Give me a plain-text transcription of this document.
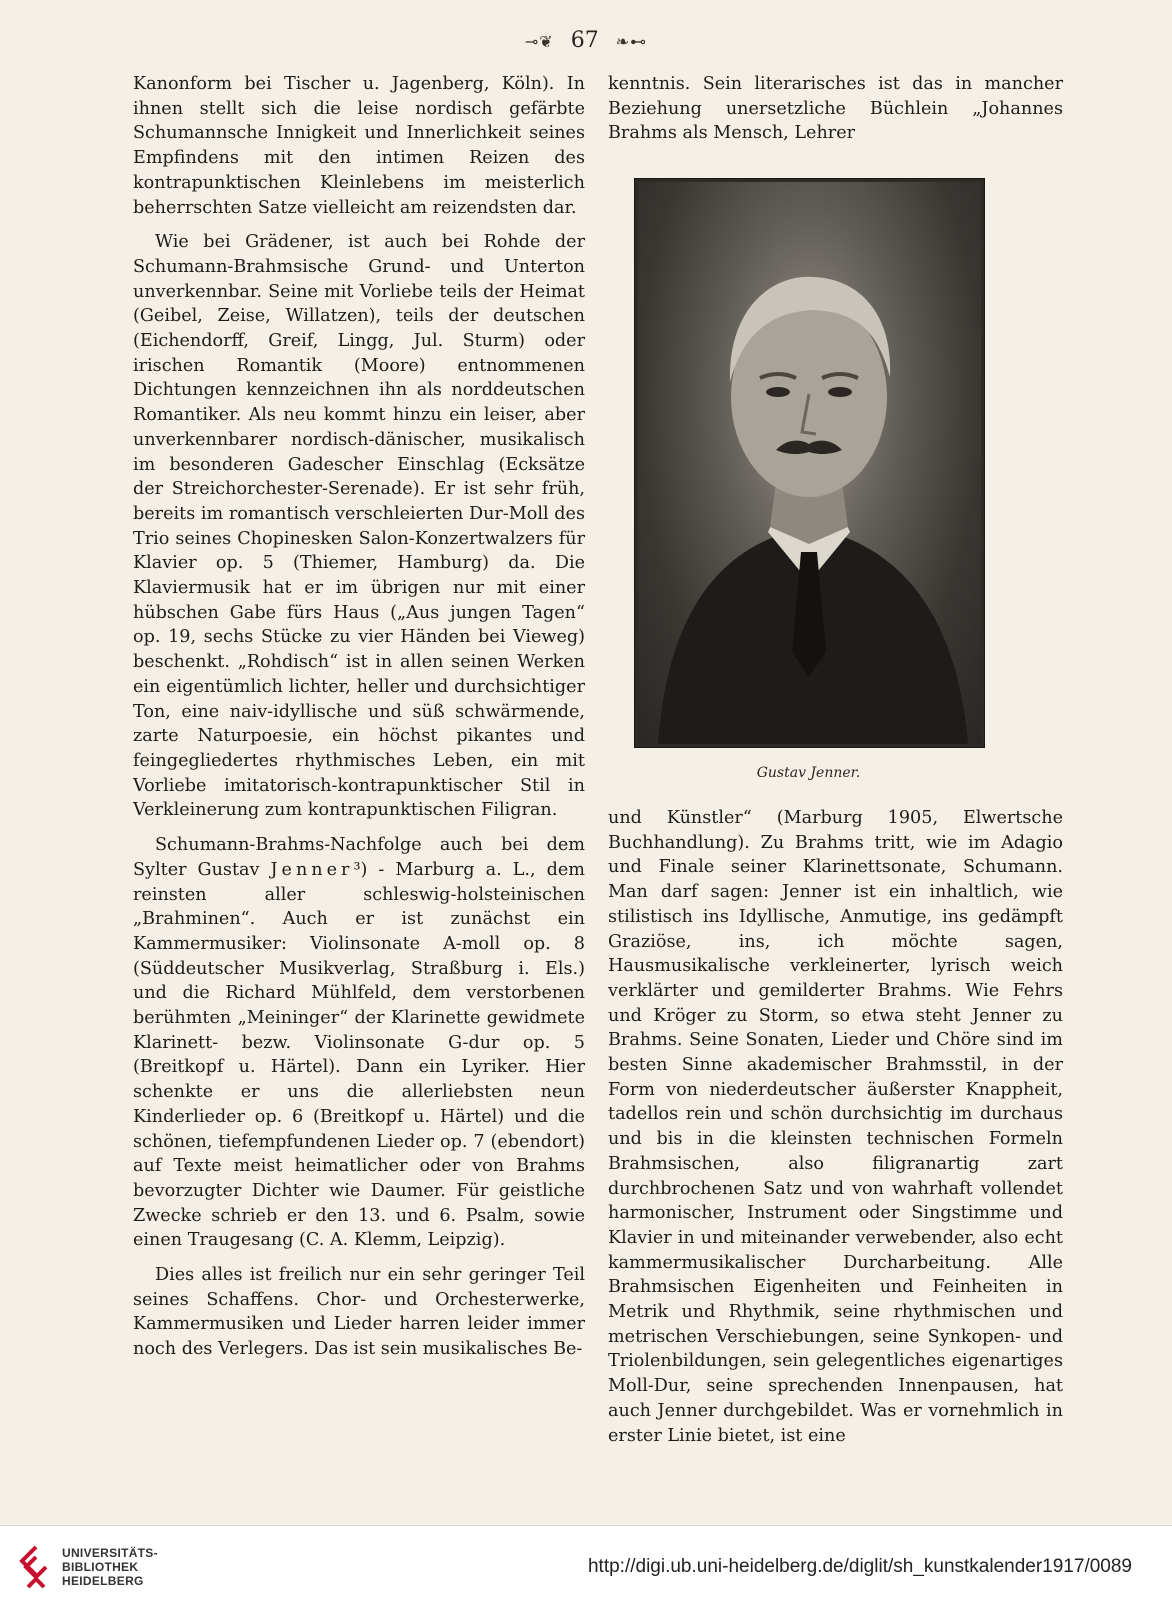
⊸❦ 67 ❧⊷

Kanonform bei Tischer u. Jagenberg, Köln). In ihnen stellt sich die leise nordisch gefärbte Schumannsche Innigkeit und Innerlichkeit seines Empfindens mit den intimen Reizen des kontrapunktischen Kleinlebens im meisterlich beherrschten Satze vielleicht am reizendsten dar.

Wie bei Grädener, ist auch bei Rohde der Schumann-Brahmsische Grund- und Unterton unverkennbar. Seine mit Vorliebe teils der Heimat (Geibel, Zeise, Willatzen), teils der deutschen (Eichendorff, Greif, Lingg, Jul. Sturm) oder irischen Romantik (Moore) entnommenen Dichtungen kennzeichnen ihn als norddeutschen Romantiker. Als neu kommt hinzu ein leiser, aber unverkennbarer nordisch-dänischer, musikalisch im besonderen Gadescher Einschlag (Ecksätze der Streichorchester-Serenade). Er ist sehr früh, bereits im romantisch verschleierten Dur-Moll des Trio seines Chopinesken Salon-Konzertwalzers für Klavier op. 5 (Thiemer, Hamburg) da. Die Klaviermusik hat er im übrigen nur mit einer hübschen Gabe fürs Haus („Aus jungen Tagen“ op. 19, sechs Stücke zu vier Händen bei Vieweg) beschenkt. „Rohdisch“ ist in allen seinen Werken ein eigentümlich lichter, heller und durchsichtiger Ton, eine naiv-idyllische und süß schwärmende, zarte Naturpoesie, ein höchst pikantes und feingegliedertes rhythmisches Leben, ein mit Vorliebe imitatorisch-kontrapunktischer Stil in Verkleinerung zum kontrapunktischen Filigran.

Schumann-Brahms-Nachfolge auch bei dem Sylter Gustav Jenner³) - Marburg a. L., dem reinsten aller schleswig-holsteinischen „Brahminen“. Auch er ist zunächst ein Kammermusiker: Violinsonate A-moll op. 8 (Süddeutscher Musikverlag, Straßburg i. Els.) und die Richard Mühlfeld, dem verstorbenen berühmten „Meininger“ der Klarinette gewidmete Klarinett- bezw. Violinsonate G-dur op. 5 (Breitkopf u. Härtel). Dann ein Lyriker. Hier schenkte er uns die allerliebsten neun Kinderlieder op. 6 (Breitkopf u. Härtel) und die schönen, tiefempfundenen Lieder op. 7 (ebendort) auf Texte meist heimatlicher oder von Brahms bevorzugter Dichter wie Daumer. Für geistliche Zwecke schrieb er den 13. und 6. Psalm, sowie einen Traugesang (C. A. Klemm, Leipzig).

Dies alles ist freilich nur ein sehr geringer Teil seines Schaffens. Chor- und Orchesterwerke, Kammermusiken und Lieder harren leider immer noch des Verlegers. Das ist sein musikalisches Be-

kenntnis. Sein literarisches ist das in mancher Beziehung unersetzliche Büchlein „Johannes Brahms als Mensch, Lehrer

Gustav Jenner.

und Künstler“ (Marburg 1905, Elwertsche Buchhandlung). Zu Brahms tritt, wie im Adagio und Finale seiner Klarinettsonate, Schumann. Man darf sagen: Jenner ist ein inhaltlich, wie stilistisch ins Idyllische, Anmutige, ins gedämpft Graziöse, ins, ich möchte sagen, Hausmusikalische verkleinerter, lyrisch weich verklärter und gemilderter Brahms. Wie Fehrs und Kröger zu Storm, so etwa steht Jenner zu Brahms. Seine Sonaten, Lieder und Chöre sind im besten Sinne akademischer Brahmsstil, in der Form von niederdeutscher äußerster Knappheit, tadellos rein und schön durchsichtig im durchaus und bis in die kleinsten technischen Formeln Brahmsischen, also filigranartig zart durchbrochenen Satz und von wahrhaft vollendet harmonischer, Instrument oder Singstimme und Klavier in und miteinander verwebender, also echt kammermusikalischer Durcharbeitung. Alle Brahmsischen Eigenheiten und Feinheiten in Metrik und Rhythmik, seine rhythmischen und metrischen Verschiebungen, seine Synkopen- und Triolenbildungen, sein gelegentliches eigenartiges Moll-Dur, seine sprechenden Innenpausen, hat auch Jenner durchgebildet. Was er vornehmlich in erster Linie bietet, ist eine

UNIVERSITÄTS-
BIBLIOTHEK
HEIDELBERG
http://digi.ub.uni-heidelberg.de/diglit/sh_kunstkalender1917/0089
